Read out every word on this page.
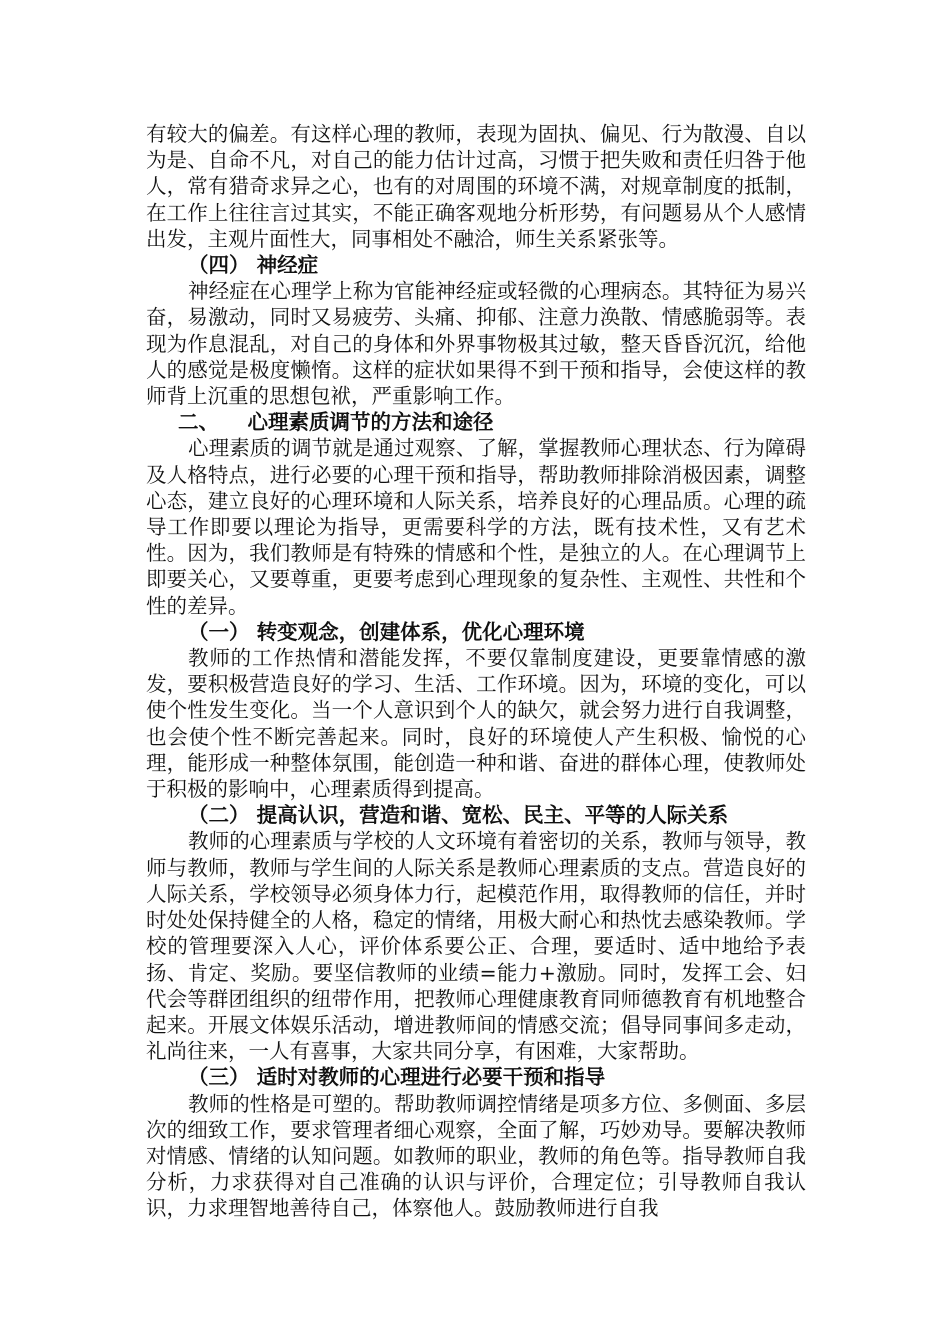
有较大的偏差。有这样心理的教师，表现为固执、偏见、行为散漫、自以为是、自命不凡，对自己的能力估计过高，习惯于把失败和责任归咎于他人，常有猎奇求异之心，也有的对周围的环境不满，对规章制度的抵制，在工作上往往言过其实，不能正确客观地分析形势，有问题易从个人感情出发，主观片面性大，同事相处不融洽，师生关系紧张等。

（四） 神经症

神经症在心理学上称为官能神经症或轻微的心理病态。其特征为易兴奋，易激动，同时又易疲劳、头痛、抑郁、注意力涣散、情感脆弱等。表现为作息混乱，对自己的身体和外界事物极其过敏，整天昏昏沉沉，给他人的感觉是极度懒惰。这样的症状如果得不到干预和指导，会使这样的教师背上沉重的思想包袱，严重影响工作。

二、    心理素质调节的方法和途径

心理素质的调节就是通过观察、了解，掌握教师心理状态、行为障碍及人格特点，进行必要的心理干预和指导，帮助教师排除消极因素，调整心态，建立良好的心理环境和人际关系，培养良好的心理品质。心理的疏导工作即要以理论为指导，更需要科学的方法，既有技术性，又有艺术性。因为，我们教师是有特殊的情感和个性，是独立的人。在心理调节上即要关心，又要尊重，更要考虑到心理现象的复杂性、主观性、共性和个性的差异。

（一） 转变观念，创建体系，优化心理环境

教师的工作热情和潜能发挥，不要仅靠制度建设，更要靠情感的激发，要积极营造良好的学习、生活、工作环境。因为，环境的变化，可以使个性发生变化。当一个人意识到个人的缺欠，就会努力进行自我调整，也会使个性不断完善起来。同时，良好的环境使人产生积极、愉悦的心理，能形成一种整体氛围，能创造一种和谐、奋进的群体心理，使教师处于积极的影响中，心理素质得到提高。

（二） 提高认识，营造和谐、宽松、民主、平等的人际关系

教师的心理素质与学校的人文环境有着密切的关系，教师与领导，教师与教师，教师与学生间的人际关系是教师心理素质的支点。营造良好的人际关系，学校领导必须身体力行，起模范作用，取得教师的信任，并时时处处保持健全的人格，稳定的情绪，用极大耐心和热忱去感染教师。学校的管理要深入人心，评价体系要公正、合理，要适时、适中地给予表扬、肯定、奖励。要坚信教师的业绩=能力+激励。同时，发挥工会、妇代会等群团组织的纽带作用，把教师心理健康教育同师德教育有机地整合起来。开展文体娱乐活动，增进教师间的情感交流；倡导同事间多走动，礼尚往来，一人有喜事，大家共同分享，有困难，大家帮助。

（三） 适时对教师的心理进行必要干预和指导

教师的性格是可塑的。帮助教师调控情绪是项多方位、多侧面、多层次的细致工作，要求管理者细心观察，全面了解，巧妙劝导。要解决教师对情感、情绪的认知问题。如教师的职业，教师的角色等。指导教师自我分析，力求获得对自己准确的认识与评价，合理定位；引导教师自我认识，力求理智地善待自己，体察他人。鼓励教师进行自我
